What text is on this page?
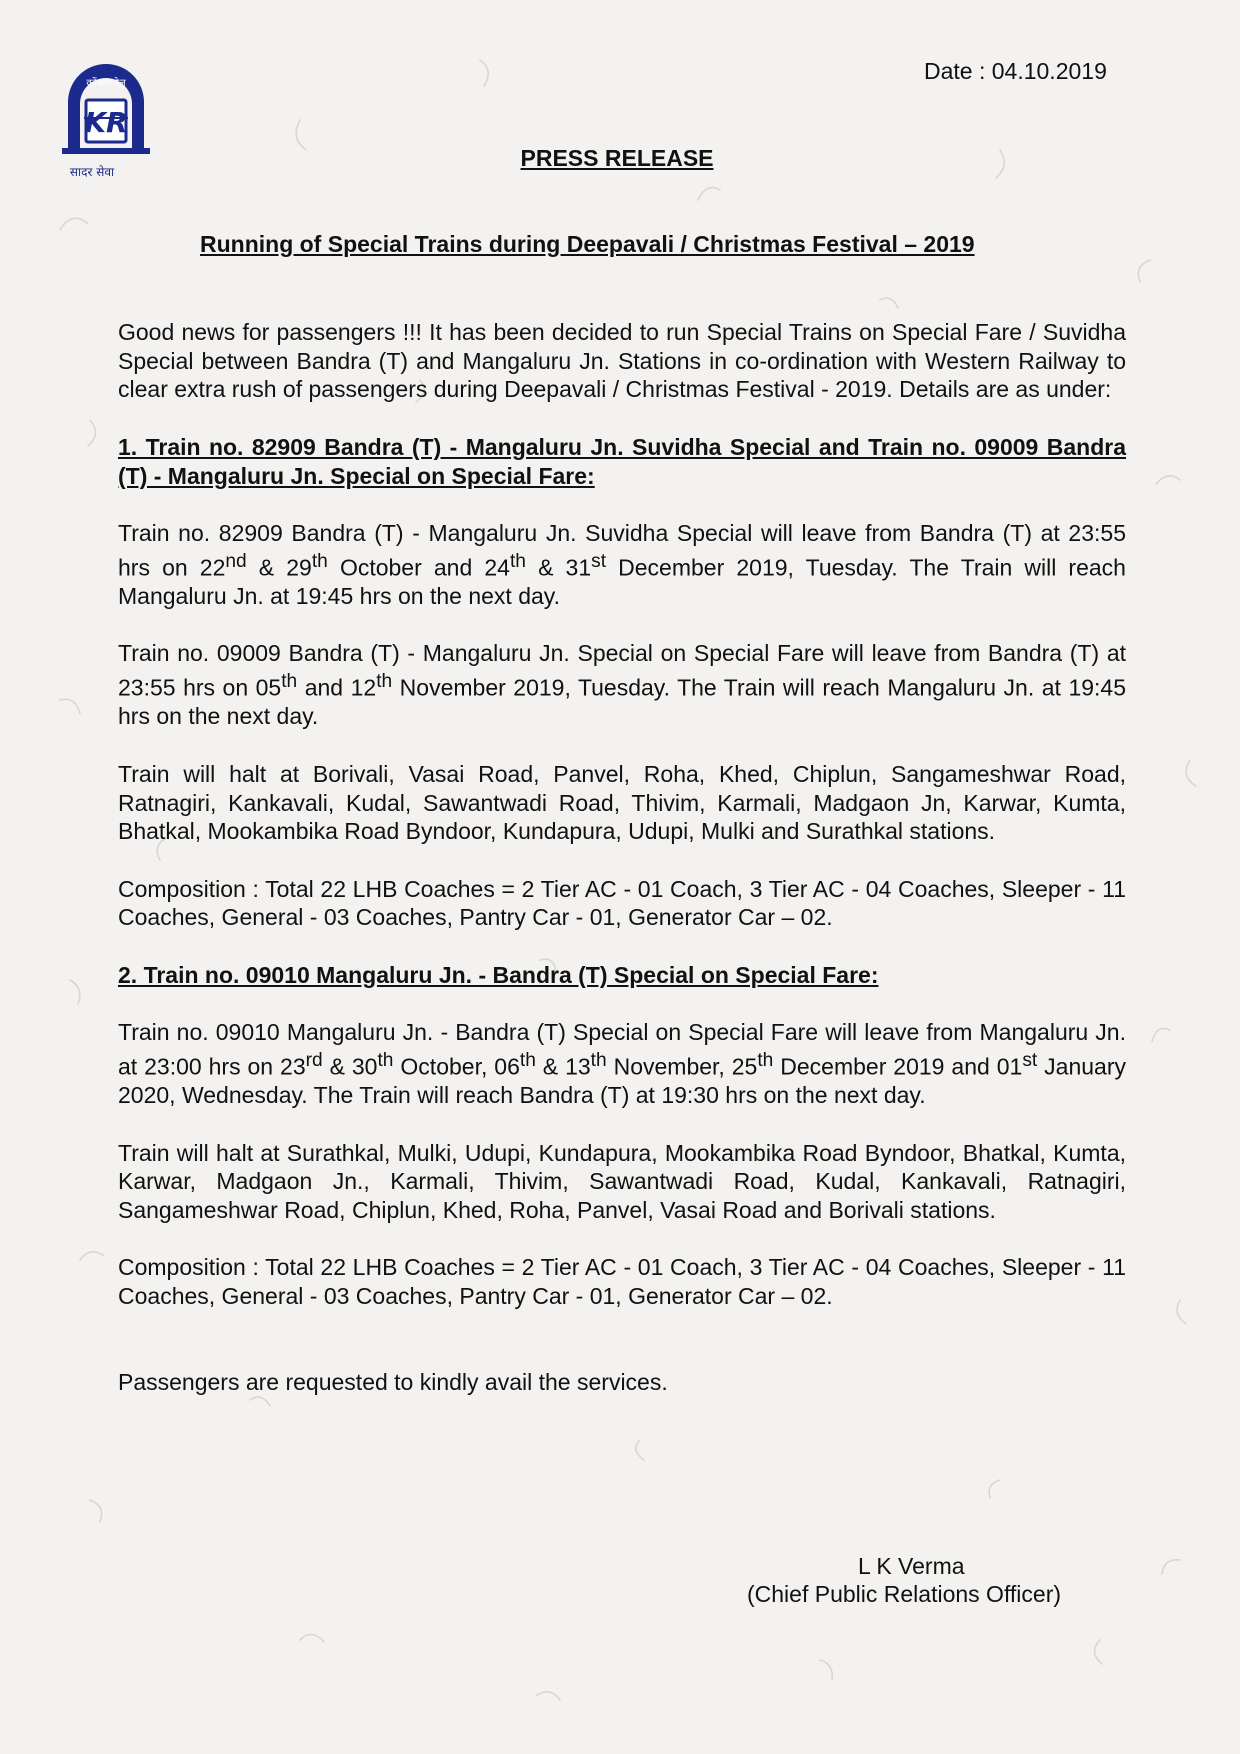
KR
कोंकण रेल
सादर सेवा
Date : 04.10.2019
PRESS RELEASE
Running of Special Trains during Deepavali / Christmas Festival – 2019

Good news for passengers !!! It has been decided to run Special Trains on Special Fare / Suvidha Special between Bandra (T) and Mangaluru Jn. Stations in co-ordination with Western Railway to clear extra rush of passengers during Deepavali / Christmas Festival - 2019. Details are as under:

1. Train no. 82909 Bandra (T) - Mangaluru Jn. Suvidha Special and Train no. 09009 Bandra (T) - Mangaluru Jn. Special on Special Fare:

Train no. 82909 Bandra (T) - Mangaluru Jn. Suvidha Special will leave from Bandra (T) at 23:55 hrs on 22nd & 29th October and 24th & 31st December 2019, Tuesday. The Train will reach Mangaluru Jn. at 19:45 hrs on the next day.

Train no. 09009 Bandra (T) - Mangaluru Jn. Special on Special Fare will leave from Bandra (T) at 23:55 hrs on 05th and 12th November 2019, Tuesday. The Train will reach Mangaluru Jn. at 19:45 hrs on the next day.

Train will halt at Borivali, Vasai Road, Panvel, Roha, Khed, Chiplun, Sangameshwar Road, Ratnagiri, Kankavali, Kudal, Sawantwadi Road, Thivim, Karmali, Madgaon Jn, Karwar, Kumta, Bhatkal, Mookambika Road Byndoor, Kundapura, Udupi, Mulki and Surathkal stations.

Composition : Total 22 LHB Coaches = 2 Tier AC - 01 Coach, 3 Tier AC - 04 Coaches, Sleeper - 11 Coaches, General - 03 Coaches, Pantry Car - 01, Generator Car – 02.

2. Train no. 09010 Mangaluru Jn. - Bandra (T) Special on Special Fare:

Train no. 09010 Mangaluru Jn. - Bandra (T) Special on Special Fare will leave from Mangaluru Jn. at 23:00 hrs on 23rd & 30th October, 06th & 13th November, 25th December 2019 and 01st January 2020, Wednesday. The Train will reach Bandra (T) at 19:30 hrs on the next day.

Train will halt at Surathkal, Mulki, Udupi, Kundapura, Mookambika Road Byndoor, Bhatkal, Kumta, Karwar, Madgaon Jn., Karmali, Thivim, Sawantwadi Road, Kudal, Kankavali, Ratnagiri, Sangameshwar Road, Chiplun, Khed, Roha, Panvel, Vasai Road and Borivali stations.

Composition : Total 22 LHB Coaches = 2 Tier AC - 01 Coach, 3 Tier AC - 04 Coaches, Sleeper - 11 Coaches, General - 03 Coaches, Pantry Car - 01, Generator Car – 02.

Passengers are requested to kindly avail the services.

L K Verma
(Chief Public Relations Officer)
